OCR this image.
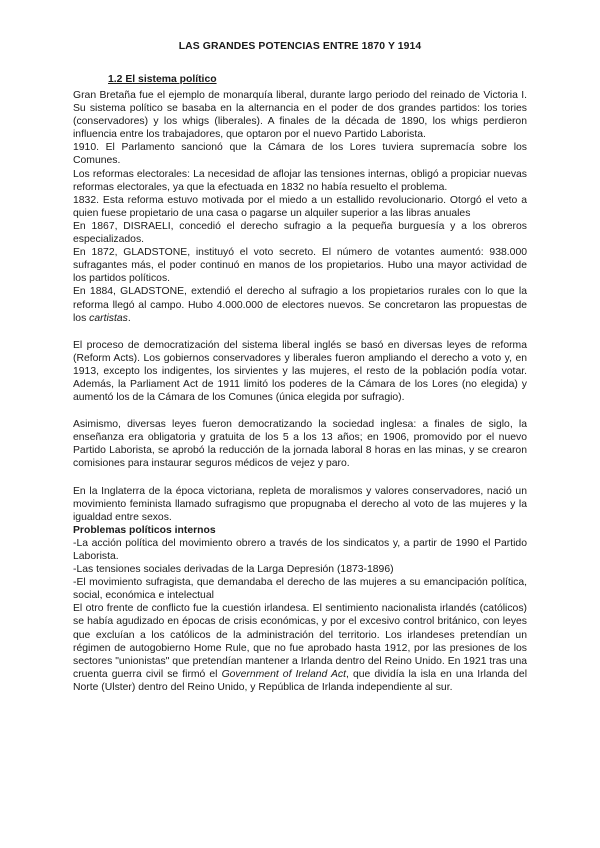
LAS GRANDES POTENCIAS ENTRE 1870 Y 1914
1.2 El sistema político

Gran Bretaña fue el ejemplo de monarquía liberal, durante largo periodo del reinado de Victoria I. Su sistema político se basaba en la alternancia en el poder de dos grandes partidos: los tories (conservadores) y los whigs (liberales). A finales de la década de 1890, los whigs perdieron influencia entre los trabajadores, que optaron por el nuevo Partido Laborista.

1910. El Parlamento sancionó que la Cámara de los Lores tuviera supremacía sobre los Comunes.

Los reformas electorales: La necesidad de aflojar las tensiones internas, obligó a propiciar nuevas reformas electorales, ya que la efectuada en 1832 no había resuelto el problema.

1832. Esta reforma estuvo motivada por el miedo a un estallido revolucionario. Otorgó el veto a quien fuese propietario de una casa o pagarse un alquiler superior a las libras anuales

En 1867, DISRAELI, concedió el derecho sufragio a la pequeña burguesía y a los obreros especializados.

En 1872, GLADSTONE, instituyó el voto secreto. El número de votantes aumentó: 938.000 sufragantes más, el poder continuó en manos de los propietarios. Hubo una mayor actividad de los partidos políticos.

En 1884, GLADSTONE, extendió el derecho al sufragio a los propietarios rurales con lo que la reforma llegó al campo. Hubo 4.000.000 de electores nuevos. Se concretaron las propuestas de los cartistas.

El proceso de democratización del sistema liberal inglés se basó en diversas leyes de reforma (Reform Acts). Los gobiernos conservadores y liberales fueron ampliando el derecho a voto y, en 1913, excepto los indigentes, los sirvientes y las mujeres, el resto de la población podía votar. Además, la Parliament Act de 1911 limitó los poderes de la Cámara de los Lores (no elegida) y aumentó los de la Cámara de los Comunes (única elegida por sufragio).

Asimismo, diversas leyes fueron democratizando la sociedad inglesa: a finales de siglo, la enseñanza era obligatoria y gratuita de los 5 a los 13 años; en 1906, promovido por el nuevo Partido Laborista, se aprobó la reducción de la jornada laboral 8 horas en las minas, y se crearon comisiones para instaurar seguros médicos de vejez y paro.

En la Inglaterra de la época victoriana, repleta de moralismos y valores conservadores, nació un movimiento feminista llamado sufragismo que propugnaba el derecho al voto de las mujeres y la igualdad entre sexos.

Problemas políticos internos

-La acción política del movimiento obrero a través de los sindicatos y, a partir de 1990 el Partido Laborista.

-Las tensiones sociales derivadas de la Larga Depresión (1873-1896)

-El movimiento sufragista, que demandaba el derecho de las mujeres a su emancipación política, social, económica e intelectual

El otro frente de conflicto fue la cuestión irlandesa. El sentimiento nacionalista irlandés (católicos) se había agudizado en épocas de crisis económicas, y por el excesivo control británico, con leyes que excluían a los católicos de la administración del territorio. Los irlandeses pretendían un régimen de autogobierno Home Rule, que no fue aprobado hasta 1912, por las presiones de los sectores "unionistas" que pretendían mantener a Irlanda dentro del Reino Unido. En 1921 tras una cruenta guerra civil se firmó el Government of Ireland Act, que dividía la isla en una Irlanda del Norte (Ulster) dentro del Reino Unido, y República de Irlanda independiente al sur.
